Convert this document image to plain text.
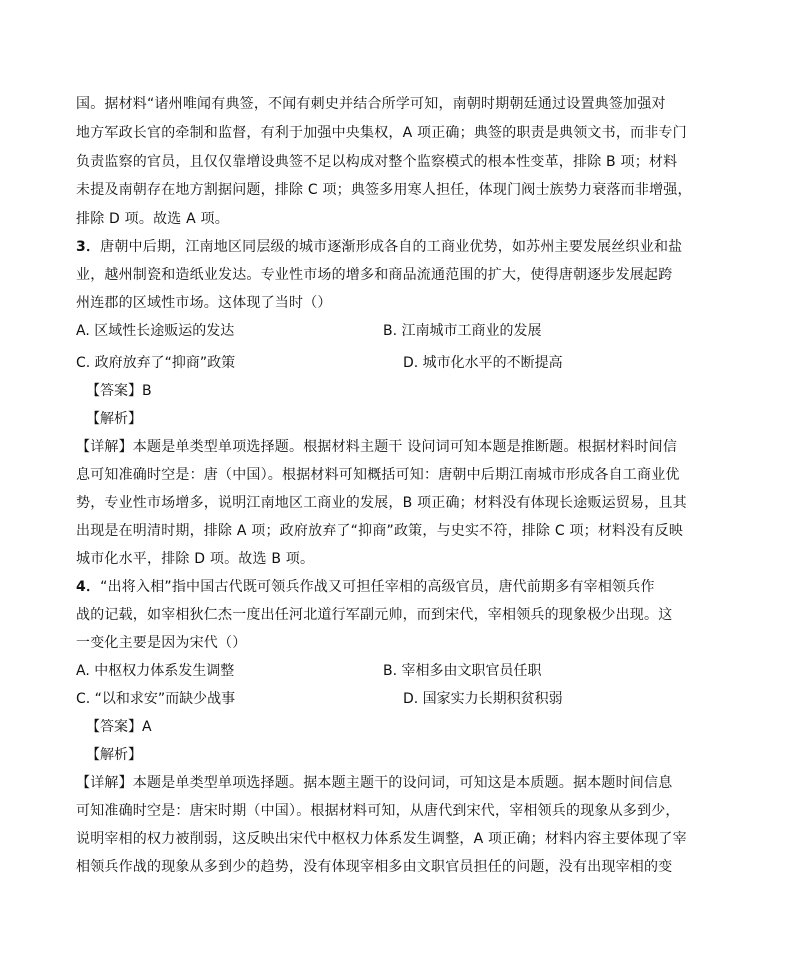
国。据材料“诸州唯闻有典签，不闻有刺史并结合所学可知，南朝时期朝廷通过设置典签加强对
地方军政长官的牵制和监督，有利于加强中央集权，A 项正确；典签的职责是典领文书，而非专门
负责监察的官员，且仅仅靠增设典签不足以构成对整个监察模式的根本性变革，排除 B 项；材料
未提及南朝存在地方割据问题，排除 C 项；典签多用寒人担任，体现门阀士族势力衰落而非增强，
排除 D 项。故选 A 项。
3．唐朝中后期，江南地区同层级的城市逐渐形成各自的工商业优势，如苏州主要发展丝织业和盐
业，越州制瓷和造纸业发达。专业性市场的增多和商品流通范围的扩大，使得唐朝逐步发展起跨
州连郡的区域性市场。这体现了当时（）
A. 区域性长途贩运的发达	B. 江南城市工商业的发展
C. 政府放弃了“抑商”政策	D. 城市化水平的不断提高
【答案】B
【解析】
【详解】本题是单类型单项选择题。根据材料主题干 设问词可知本题是推断题。根据材料时间信
息可知准确时空是：唐（中国）。根据材料可知概括可知：唐朝中后期江南城市形成各自工商业优
势，专业性市场增多，说明江南地区工商业的发展，B 项正确；材料没有体现长途贩运贸易，且其
出现是在明清时期，排除 A 项；政府放弃了“抑商”政策，与史实不符，排除 C 项；材料没有反映
城市化水平，排除 D 项。故选 B 项。
4．“出将入相”指中国古代既可领兵作战又可担任宰相的高级官员，唐代前期多有宰相领兵作
战的记载，如宰相狄仁杰一度出任河北道行军副元帅，而到宋代，宰相领兵的现象极少出现。这
一变化主要是因为宋代（）
A. 中枢权力体系发生调整	B. 宰相多由文职官员任职
C. “以和求安”而缺少战事	D. 国家实力长期积贫积弱
【答案】A
【解析】
【详解】本题是单类型单项选择题。据本题主题干的设问词，可知这是本质题。据本题时间信息
可知准确时空是：唐宋时期（中国）。根据材料可知，从唐代到宋代，宰相领兵的现象从多到少，
说明宰相的权力被削弱，这反映出宋代中枢权力体系发生调整，A 项正确；材料内容主要体现了宰
相领兵作战的现象从多到少的趋势，没有体现宰相多由文职官员担任的问题，没有出现宰相的变
